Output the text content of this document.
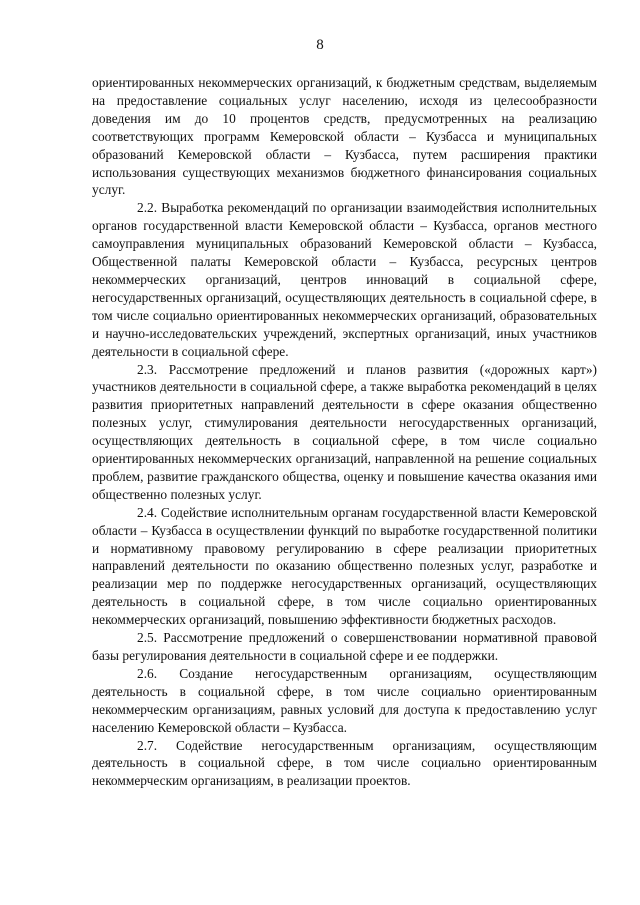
8

ориентированных некоммерческих организаций, к бюджетным средствам, выделяемым на предоставление социальных услуг населению, исходя из целесообразности доведения им до 10 процентов средств, предусмотренных на реализацию соответствующих программ Кемеровской области – Кузбасса и муниципальных образований Кемеровской области – Кузбасса, путем расширения практики использования существующих механизмов бюджетного финансирования социальных услуг.

2.2. Выработка рекомендаций по организации взаимодействия исполнительных органов государственной власти Кемеровской области – Кузбасса, органов местного самоуправления муниципальных образований Кемеровской области – Кузбасса, Общественной палаты Кемеровской области – Кузбасса, ресурсных центров некоммерческих организаций, центров инноваций в социальной сфере, негосударственных организаций, осуществляющих деятельность в социальной сфере, в том числе социально ориентированных некоммерческих организаций, образовательных и научно-исследовательских учреждений, экспертных организаций, иных участников деятельности в социальной сфере.

2.3. Рассмотрение предложений и планов развития («дорожных карт») участников деятельности в социальной сфере, а также выработка рекомендаций в целях развития приоритетных направлений деятельности в сфере оказания общественно полезных услуг, стимулирования деятельности негосударственных организаций, осуществляющих деятельность в социальной сфере, в том числе социально ориентированных некоммерческих организаций, направленной на решение социальных проблем, развитие гражданского общества, оценку и повышение качества оказания ими общественно полезных услуг.

2.4. Содействие исполнительным органам государственной власти Кемеровской области – Кузбасса в осуществлении функций по выработке государственной политики и нормативному правовому регулированию в сфере реализации приоритетных направлений деятельности по оказанию общественно полезных услуг, разработке и реализации мер по поддержке негосударственных организаций, осуществляющих деятельность в социальной сфере, в том числе социально ориентированных некоммерческих организаций, повышению эффективности бюджетных расходов.

2.5. Рассмотрение предложений о совершенствовании нормативной правовой базы регулирования деятельности в социальной сфере и ее поддержки.

2.6. Создание негосударственным организациям, осуществляющим деятельность в социальной сфере, в том числе социально ориентированным некоммерческим организациям, равных условий для доступа к предоставлению услуг населению Кемеровской области – Кузбасса.

2.7. Содействие негосударственным организациям, осуществляющим деятельность в социальной сфере, в том числе социально ориентированным некоммерческим организациям, в реализации проектов.
